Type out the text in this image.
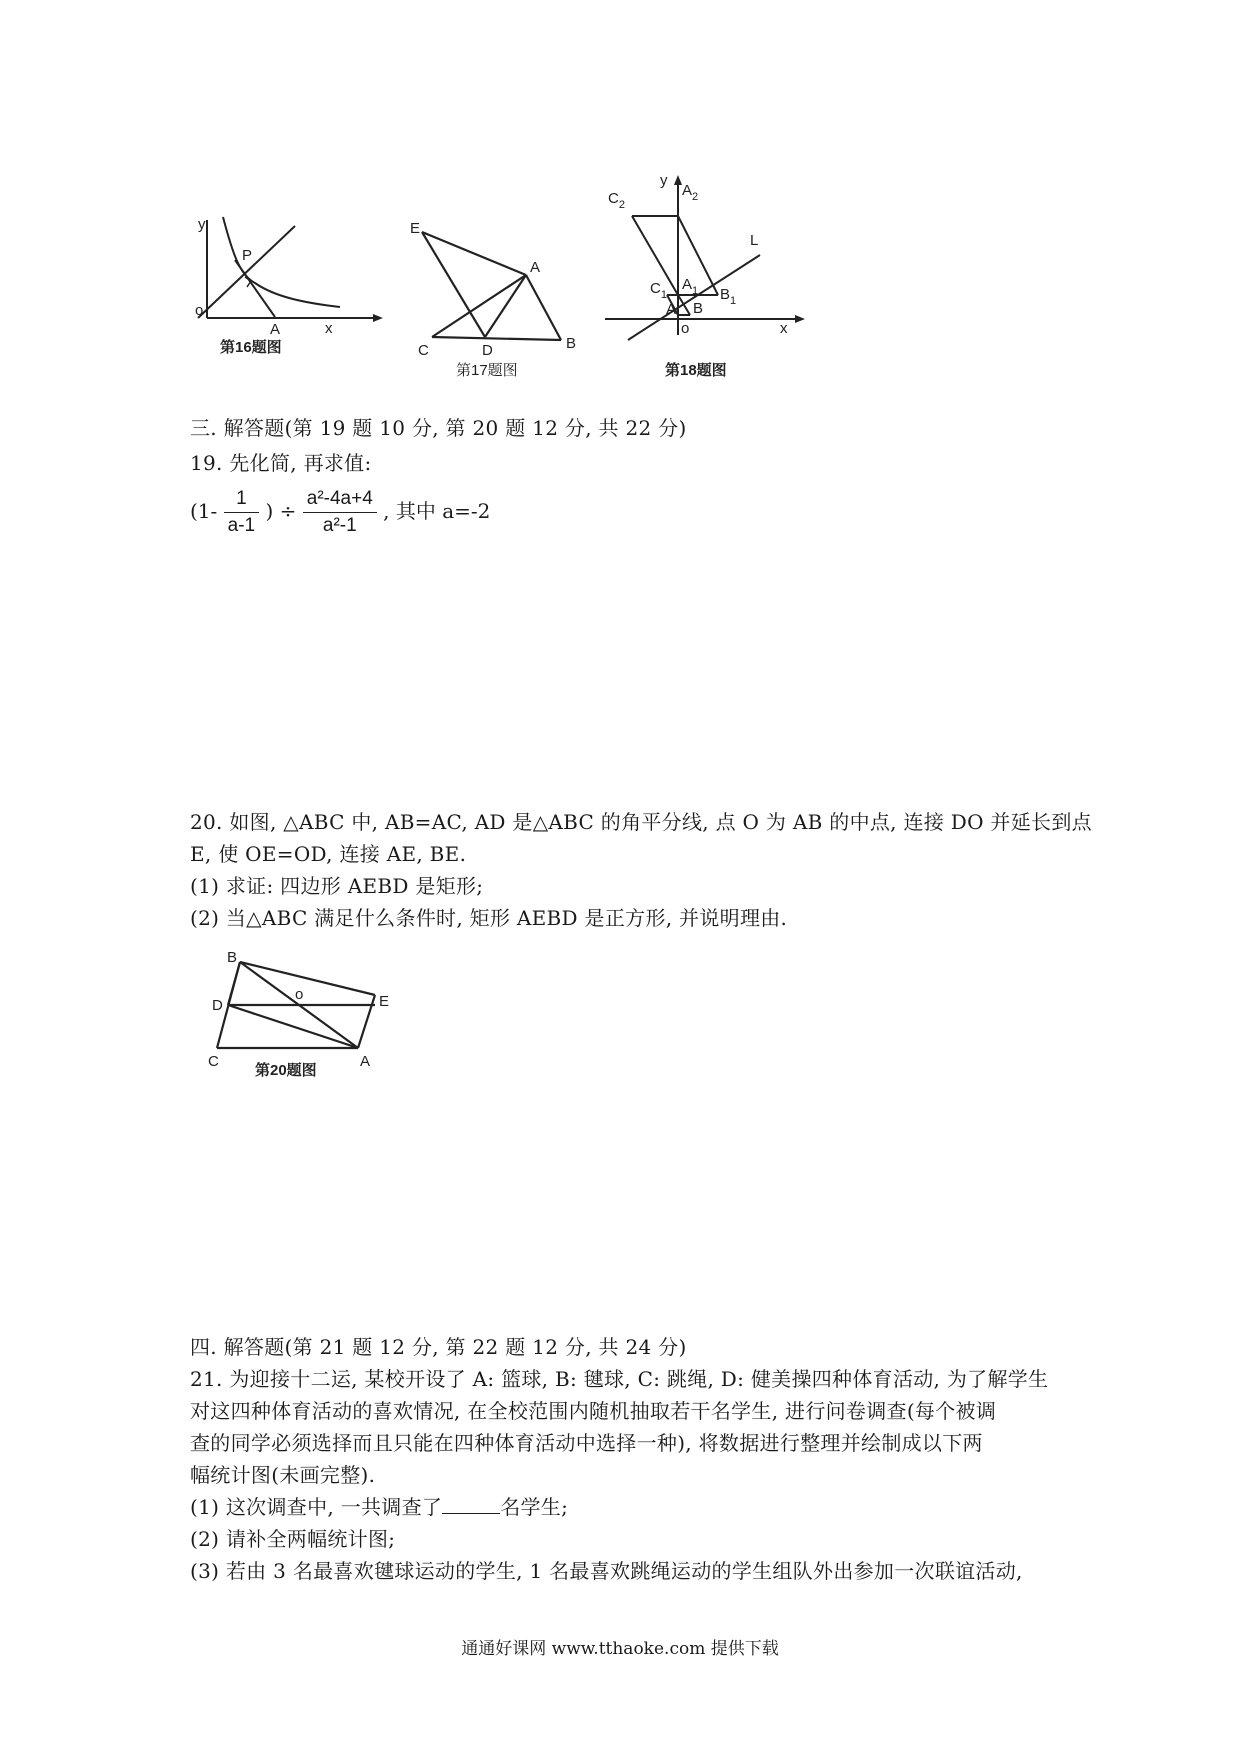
y
x
o
P
A
第16题图
E
A
C	D	B
第17题图
y
x
o
L
$C_2$
$A_2$
$C_1$
$A_1$ $B_1$
A B
第18题图
三. 解答题(第 19 题 10 分, 第 20 题 12 分, 共 22 分)
19. 先化简, 再求值:
($1- \frac{1}{a-1}$ ) ÷ $\frac{\text{a²-4a+4}}{\text{a²-1}}$ , 其中 a=-2
20. 如图, △ABC 中, AB=AC, AD 是△ABC 的角平分线, 点 O 为 AB 的中点, 连接 DO 并延长到点
E, 使 OE=OD, 连接 AE, BE.
(1) 求证: 四边形 AEBD 是矩形;
(2) 当△ABC 满足什么条件时, 矩形 AEBD 是正方形, 并说明理由.
B
D
o	E
C	A
第20题图
四. 解答题(第 21 题 12 分, 第 22 题 12 分, 共 24 分)
21. 为迎接十二运, 某校开设了 A: 篮球, B: 毽球, C: 跳绳, D: 健美操四种体育活动, 为了解学生
对这四种体育活动的喜欢情况, 在全校范围内随机抽取若干名学生, 进行问卷调查(每个被调
查的同学必须选择而且只能在四种体育活动中选择一种), 将数据进行整理并绘制成以下两
幅统计图(未画完整).
(1) 这次调查中, 一共调查了	名学生;
(2) 请补全两幅统计图;
(3) 若由 3 名最喜欢毽球运动的学生, 1 名最喜欢跳绳运动的学生组队外出参加一次联谊活动,
通通好课网 www.tthaoke.com 提供下载
